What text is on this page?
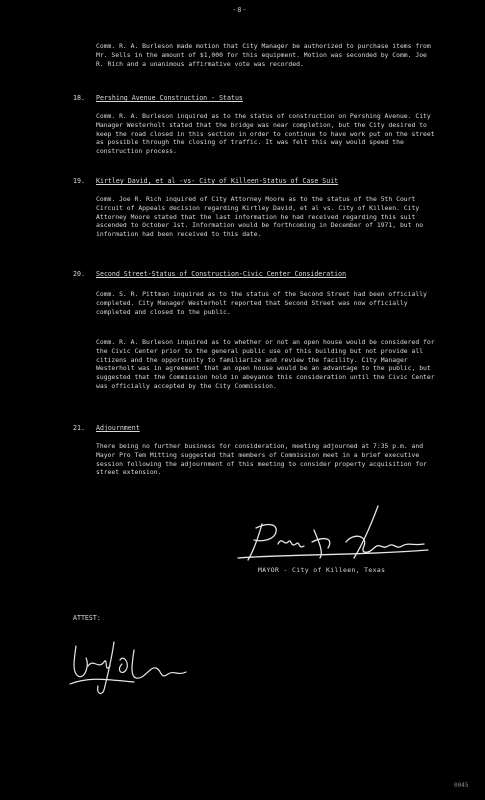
-8-

Comm. R. A. Burleson made motion that City Manager be authorized to purchase items from Mr. Sells in the amount of $1,000 for this equipment. Motion was seconded by Comm. Joe R. Rich and a unanimous affirmative vote was recorded.

18. Pershing Avenue Construction - Status

Comm. R. A. Burleson inquired as to the status of construction on Pershing Avenue. City Manager Westerholt stated that the bridge was near completion, but the City desired to keep the road closed in this section in order to continue to have work put on the street as possible through the closing of traffic. It was felt this way would speed the construction process.

19. Kirtley David, et al -vs- City of Killeen-Status of Case Suit

Comm. Joe R. Rich inquired of City Attorney Moore as to the status of the 5th Court Circuit of Appeals decision regarding Kirtley David, et al vs. City of Killeen. City Attorney Moore stated that the last information he had received regarding this suit ascended to October 1st. Information would be forthcoming in December of 1971, but no information had been received to this date.

20. Second Street-Status of Construction-Civic Center Consideration

Comm. S. R. Pittman inquired as to the status of the Second Street had been officially completed. City Manager Westerholt reported that Second Street was now officially completed and closed to the public.

Comm. R. A. Burleson inquired as to whether or not an open house would be considered for the Civic Center prior to the general public use of this building but not provide all citizens and the opportunity to familiarize and review the facility. City Manager Westerholt was in agreement that an open house would be an advantage to the public, but suggested that the Commission hold in abeyance this consideration until the Civic Center was officially accepted by the City Commission.

21. Adjournment

There being no further business for consideration, meeting adjourned at 7:35 p.m. and Mayor Pro Tem Mitting suggested that members of Commission meet in a brief executive session following the adjournment of this meeting to consider property acquisition for street extension.

MAYOR - City of Killeen, Texas
ATTEST:
0045
